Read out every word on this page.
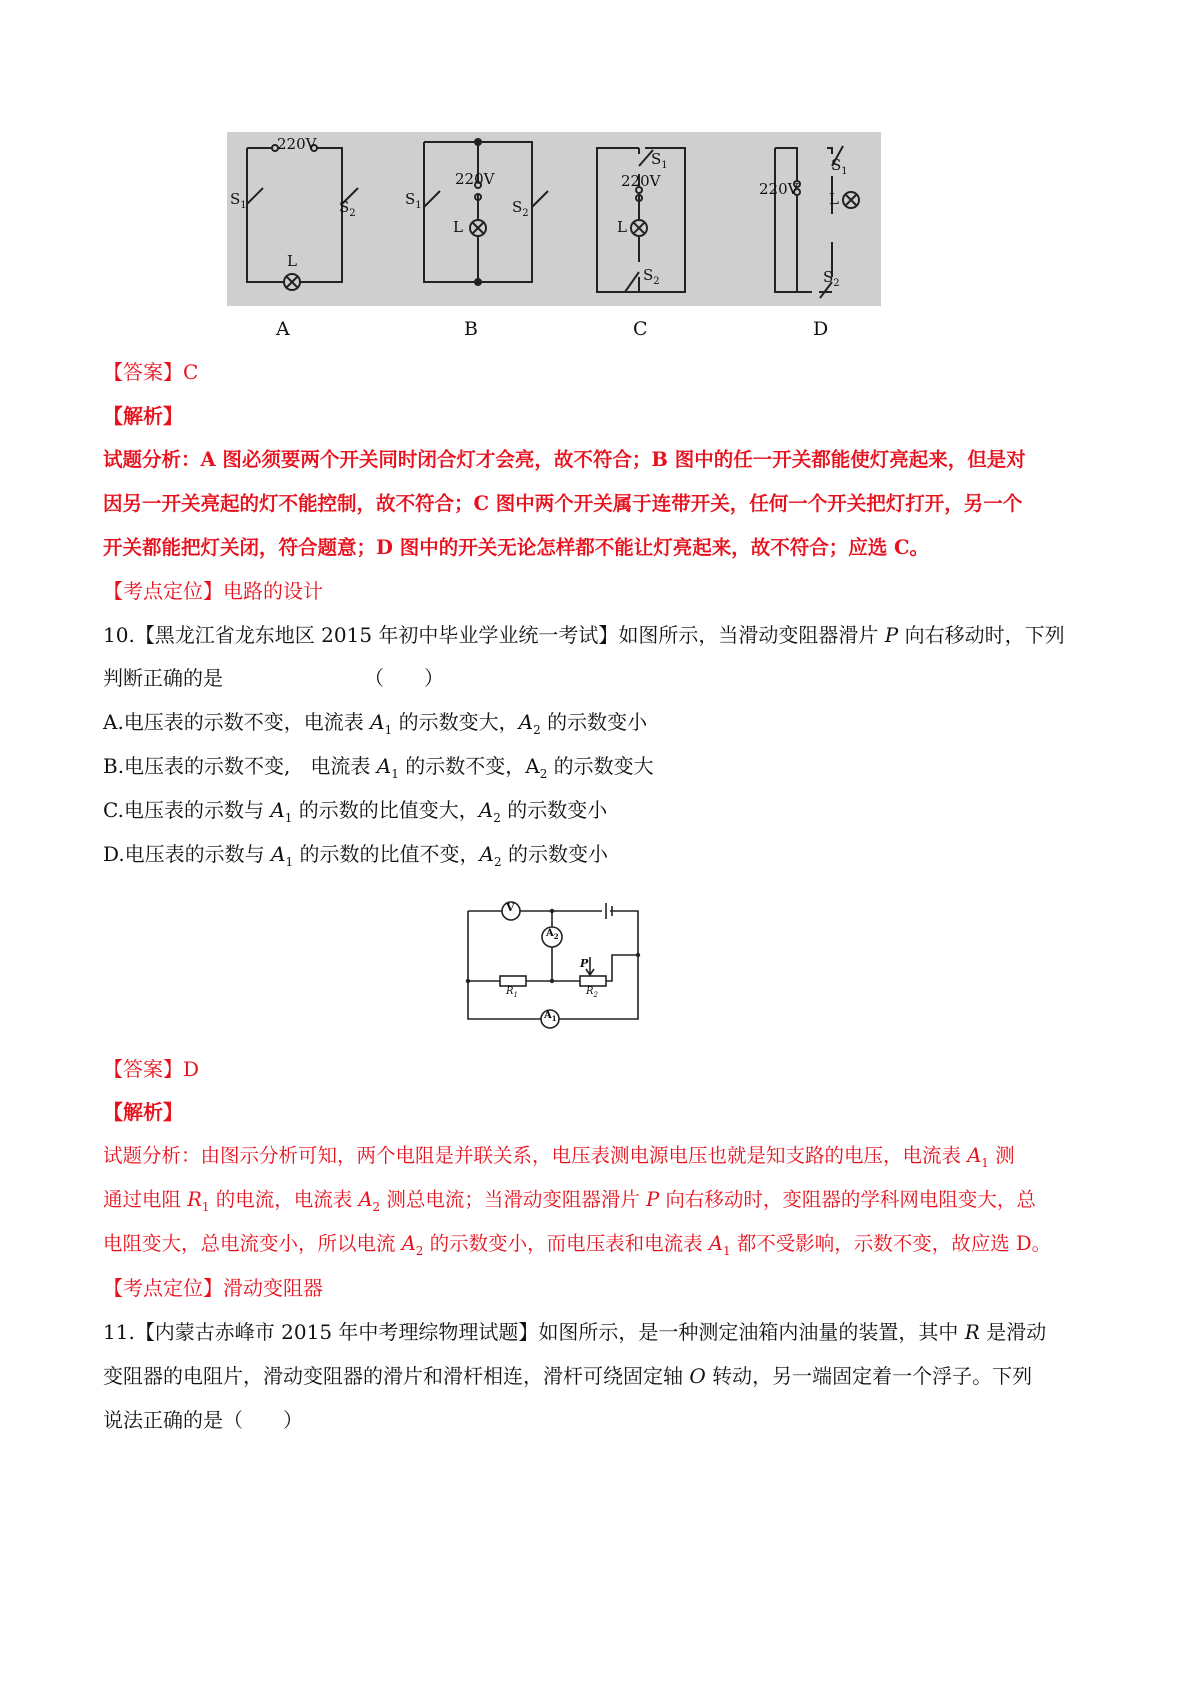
220V
$S_1$	$S_2$
L
220V
$S_1$	$S_2$
L
$S_1$
220V
L
$S_2$
$S_1$
220V
L
$S_2$
A	B	C	D
【答案】C
【解析】
试题分析：A 图必须要两个开关同时闭合灯才会亮，故不符合；B 图中的任一开关都能使灯亮起来，但是对
因另一开关亮起的灯不能控制，故不符合；C 图中两个开关属于连带开关，任何一个开关把灯打开，另一个
开关都能把灯关闭，符合题意；D 图中的开关无论怎样都不能让灯亮起来，故不符合；应选 C。
【考点定位】电路的设计
10.【黑龙江省龙东地区 2015 年初中毕业学业统一考试】如图所示，当滑动变阻器滑片 P 向右移动时，下列
判断正确的是	（　　）
A.电压表的示数不变，电流表 $A_1$ 的示数变大，$A_2$ 的示数变小
B.电压表的示数不变,　电流表 $A_1$ 的示数不变，$A_2$ 的示数变大
C.电压表的示数与 $A_1$ 的示数的比值变大，$A_2$ 的示数变小
D.电压表的示数与 $A_1$ 的示数的比值不变，$A_2$ 的示数变小
V
$A_2$
$A_1$
$R_1$	$R_2$
P
【答案】D
【解析】
试题分析：由图示分析可知，两个电阻是并联关系，电压表测电源电压也就是知支路的电压，电流表 $A_1$ 测
通过电阻 $R_1$ 的电流，电流表 $A_2$ 测总电流；当滑动变阻器滑片 P 向右移动时，变阻器的学科网电阻变大，总
电阻变大，总电流变小，所以电流 $A_2$ 的示数变小，而电压表和电流表 $A_1$ 都不受影响，示数不变，故应选 D。
【考点定位】滑动变阻器
11.【内蒙古赤峰市 2015 年中考理综物理试题】如图所示，是一种测定油箱内油量的装置，其中 R 是滑动
变阻器的电阻片，滑动变阻器的滑片和滑杆相连，滑杆可绕固定轴 O 转动，另一端固定着一个浮子。下列
说法正确的是（　　）
